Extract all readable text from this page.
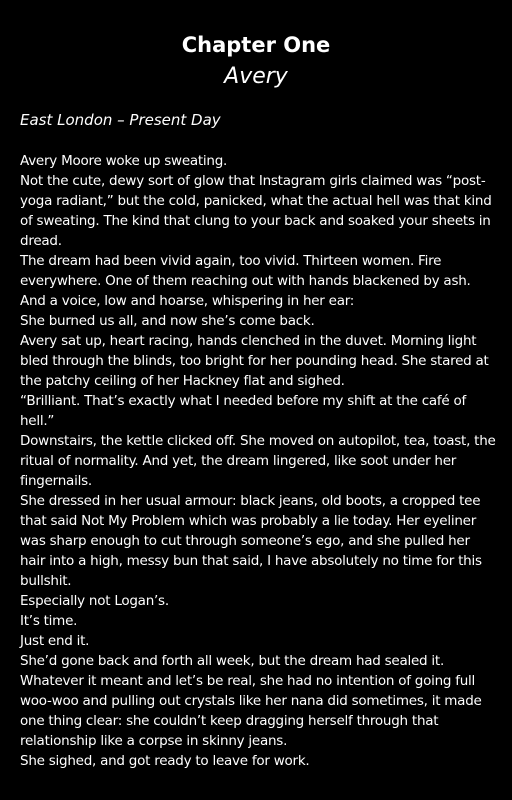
Chapter One
Avery
East London – Present Day

Avery Moore woke up sweating.

Not the cute, dewy sort of glow that Instagram girls claimed was “post-yoga radiant,” but the cold, panicked, what the actual hell was that kind of sweating. The kind that clung to your back and soaked your sheets in dread.

The dream had been vivid again, too vivid. Thirteen women. Fire everywhere. One of them reaching out with hands blackened by ash. And a voice, low and hoarse, whispering in her ear:

She burned us all, and now she’s come back.

Avery sat up, heart racing, hands clenched in the duvet. Morning light bled through the blinds, too bright for her pounding head. She stared at the patchy ceiling of her Hackney flat and sighed.

“Brilliant. That’s exactly what I needed before my shift at the café of hell.”

Downstairs, the kettle clicked off. She moved on autopilot, tea, toast, the ritual of normality. And yet, the dream lingered, like soot under her fingernails.

She dressed in her usual armour: black jeans, old boots, a cropped tee that said Not My Problem which was probably a lie today. Her eyeliner was sharp enough to cut through someone’s ego, and she pulled her hair into a high, messy bun that said, I have absolutely no time for this bullshit.

Especially not Logan’s.

It’s time.

Just end it.

She’d gone back and forth all week, but the dream had sealed it. Whatever it meant and let’s be real, she had no intention of going full woo-woo and pulling out crystals like her nana did sometimes, it made one thing clear: she couldn’t keep dragging herself through that relationship like a corpse in skinny jeans.

She sighed, and got ready to leave for work.
